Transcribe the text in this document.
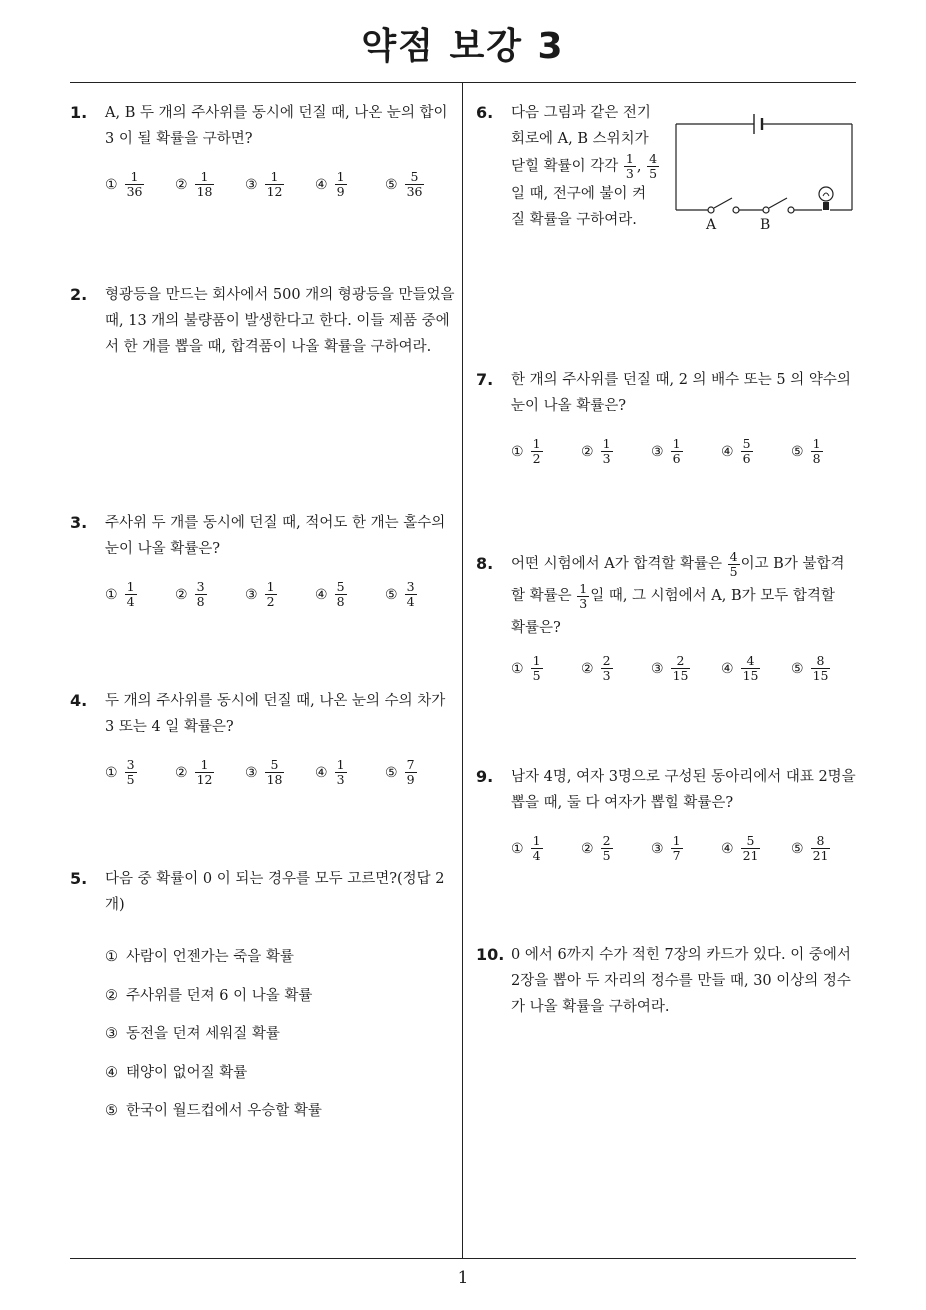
약점 보강 3
1
1. A, B 두 개의 주사위를 동시에 던질 때, 나온 눈의 합이 3 이 될 확률을 구하면?
① $\frac{1}{36}$ ② $\frac{1}{18}$ ③ $\frac{1}{12}$ ④ $\frac{1}{9}$	⑤ $\frac{5}{36}$
2. 형광등을 만드는 회사에서 500 개의 형광등을 만들었을 때, 13 개의 불량품이 발생한다고 한다. 이들 제품 중에서 한 개를 뽑을 때, 합격품이 나올 확률을 구하여라.
3. 주사위 두 개를 동시에 던질 때, 적어도 한 개는 홀수의 눈이 나올 확률은?
① $\frac{1}{4}$	② $\frac{3}{8}$	③ $\frac{1}{2}$	④ $\frac{5}{8}$	⑤ $\frac{3}{4}$
4. 두 개의 주사위를 동시에 던질 때, 나온 눈의 수의 차가 3 또는 4 일 확률은?
① $\frac{3}{5}$	② $\frac{1}{12}$ ③ $\frac{5}{18}$ ④ $\frac{1}{3}$	⑤ $\frac{7}{9}$
5. 다음 중 확률이 0 이 되는 경우를 모두 고르면?(정답 2개)
① 사람이 언젠가는 죽을 확률
② 주사위를 던져 6 이 나올 확률
③ 동전을 던져 세워질 확률
④ 태양이 없어질 확률
⑤ 한국이 월드컵에서 우승할 확률
6. 다음 그림과 같은 전기
회로에 A, B 스위치가
닫힐 확률이 각각 $\frac{1}{3}$ , $\frac{4}{5}$
일 때, 전구에 불이 켜
질 확률을 구하여라.	A	B
7. 한 개의 주사위를 던질 때, 2 의 배수 또는 5 의 약수의 눈이 나올 확률은?
① $\frac{1}{2}$	② $\frac{1}{3}$	③ $\frac{1}{6}$	④ $\frac{5}{6}$	⑤ $\frac{1}{8}$
8. 어떤 시험에서 A가 합격할 확률은 $\frac{4}{5}$ 이고 B가 불합격
할 확률은 $\frac{1}{3}$ 일 때, 그 시험에서 A, B가 모두 합격할
확률은?
① $\frac{1}{5}$	② $\frac{2}{3}$	③ $\frac{2}{15}$ ④ $\frac{4}{15}$ ⑤ $\frac{8}{15}$
9. 남자 4명, 여자 3명으로 구성된 동아리에서 대표 2명을 뽑을 때, 둘 다 여자가 뽑힐 확률은?
① $\frac{1}{4}$	② $\frac{2}{5}$	③ $\frac{1}{7}$	④ $\frac{5}{21}$ ⑤ $\frac{8}{21}$
10. 0 에서 6까지 수가 적힌 7장의 카드가 있다. 이 중에서 2장을 뽑아 두 자리의 정수를 만들 때, 30 이상의 정수가 나올 확률을 구하여라.
